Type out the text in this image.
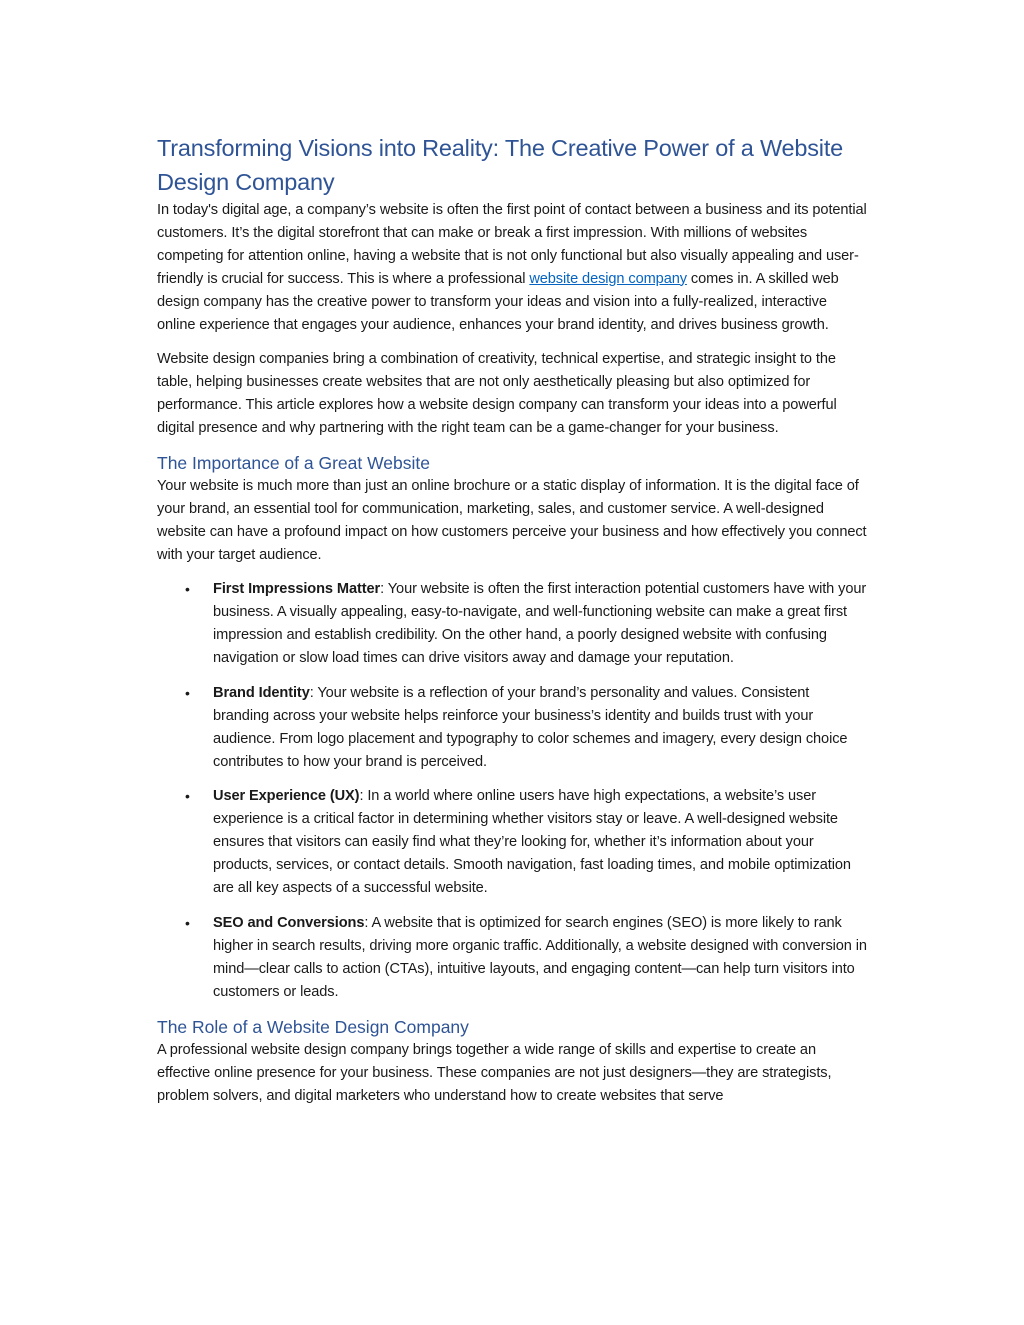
Transforming Visions into Reality: The Creative Power of a Website Design Company

In today's digital age, a company’s website is often the first point of contact between a business and its potential customers. It’s the digital storefront that can make or break a first impression. With millions of websites competing for attention online, having a website that is not only functional but also visually appealing and user-friendly is crucial for success. This is where a professional website design company comes in. A skilled web design company has the creative power to transform your ideas and vision into a fully-realized, interactive online experience that engages your audience, enhances your brand identity, and drives business growth.

Website design companies bring a combination of creativity, technical expertise, and strategic insight to the table, helping businesses create websites that are not only aesthetically pleasing but also optimized for performance. This article explores how a website design company can transform your ideas into a powerful digital presence and why partnering with the right team can be a game-changer for your business.

The Importance of a Great Website

Your website is much more than just an online brochure or a static display of information. It is the digital face of your brand, an essential tool for communication, marketing, sales, and customer service. A well-designed website can have a profound impact on how customers perceive your business and how effectively you connect with your target audience.

• First Impressions Matter: Your website is often the first interaction potential customers have with your business. A visually appealing, easy-to-navigate, and well-functioning website can make a great first impression and establish credibility. On the other hand, a poorly designed website with confusing navigation or slow load times can drive visitors away and damage your reputation.
• Brand Identity: Your website is a reflection of your brand’s personality and values. Consistent branding across your website helps reinforce your business’s identity and builds trust with your audience. From logo placement and typography to color schemes and imagery, every design choice contributes to how your brand is perceived.
• User Experience (UX): In a world where online users have high expectations, a website’s user experience is a critical factor in determining whether visitors stay or leave. A well-designed website ensures that visitors can easily find what they’re looking for, whether it’s information about your products, services, or contact details. Smooth navigation, fast loading times, and mobile optimization are all key aspects of a successful website.
• SEO and Conversions: A website that is optimized for search engines (SEO) is more likely to rank higher in search results, driving more organic traffic. Additionally, a website designed with conversion in mind—clear calls to action (CTAs), intuitive layouts, and engaging content—can help turn visitors into customers or leads.
The Role of a Website Design Company

A professional website design company brings together a wide range of skills and expertise to create an effective online presence for your business. These companies are not just designers—they are strategists, problem solvers, and digital marketers who understand how to create websites that serve
